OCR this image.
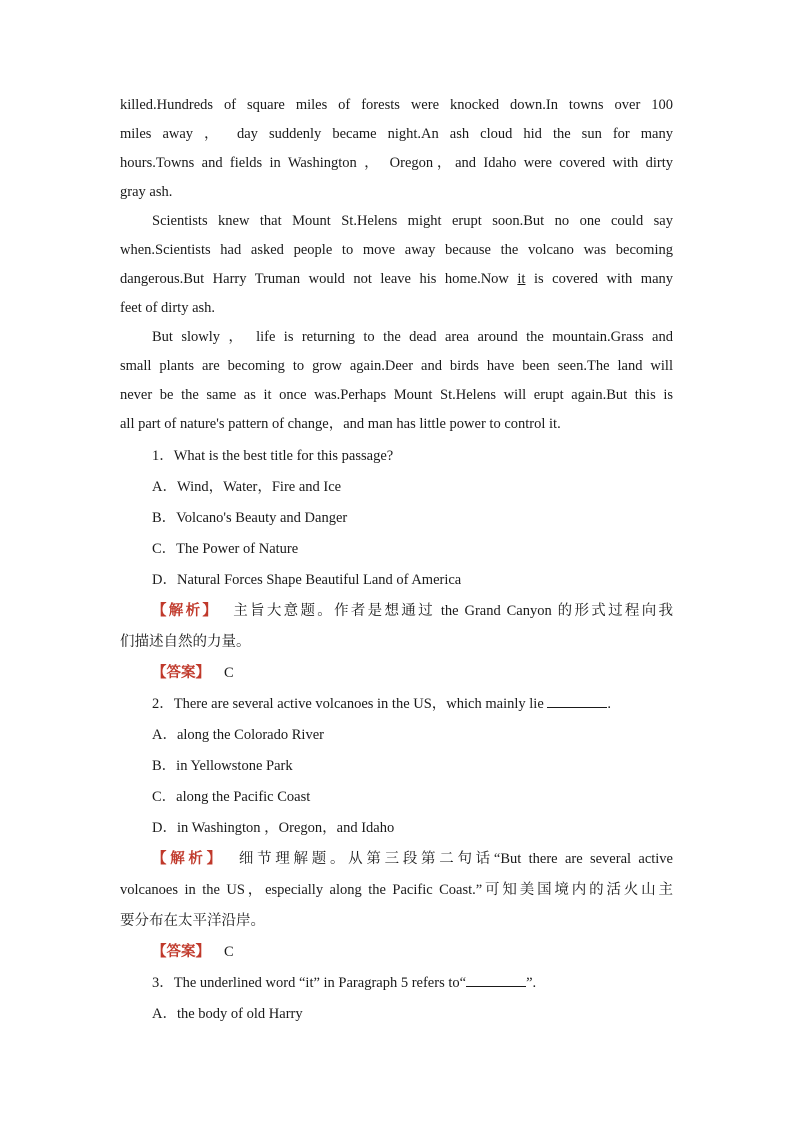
killed.Hundreds of square miles of forests were knocked down.In towns over 100
miles away ， day suddenly became night.An ash cloud hid the sun for many
hours.Towns and fields in Washington ， Oregon，and Idaho were covered with dirty
gray ash.
Scientists knew that Mount St.Helens might erupt soon.But no one could say
when.Scientists had asked people to move away because the volcano was becoming
dangerous.But Harry Truman would not leave his home.Now it is covered with many
feet of dirty ash.
But slowly ， life is returning to the dead area around the mountain.Grass and
small plants are becoming to grow again.Deer and birds have been seen.The land will
never be the same as it once was.Perhaps Mount St.Helens will erupt again.But this is
all part of nature's pattern of change，and man has little power to control it.

1．What is the best title for this passage?

A．Wind，Water，Fire and Ice

B．Volcano's Beauty and Danger

C．The Power of Nature

D．Natural Forces Shape Beautiful Land of America

【解析】 主旨大意题。作者是想通过 the Grand Canyon 的形式过程向我
们描述自然的力量。

【答案】 C

2．There are several active volcanoes in the US，which mainly lie	.

A．along the Colorado River

B．in Yellowstone Park

C．along the Pacific Coast

D．in Washington ，Oregon，and Idaho

【解析】 细节理解题。从第三段第二句话“But there are several active
volcanoes in the US，especially along the Pacific Coast.”可知美国境内的活火山主
要分布在太平洋沿岸。

【答案】 C

3．The underlined word “it” in Paragraph 5 refers to“	”.

A．the body of old Harry
